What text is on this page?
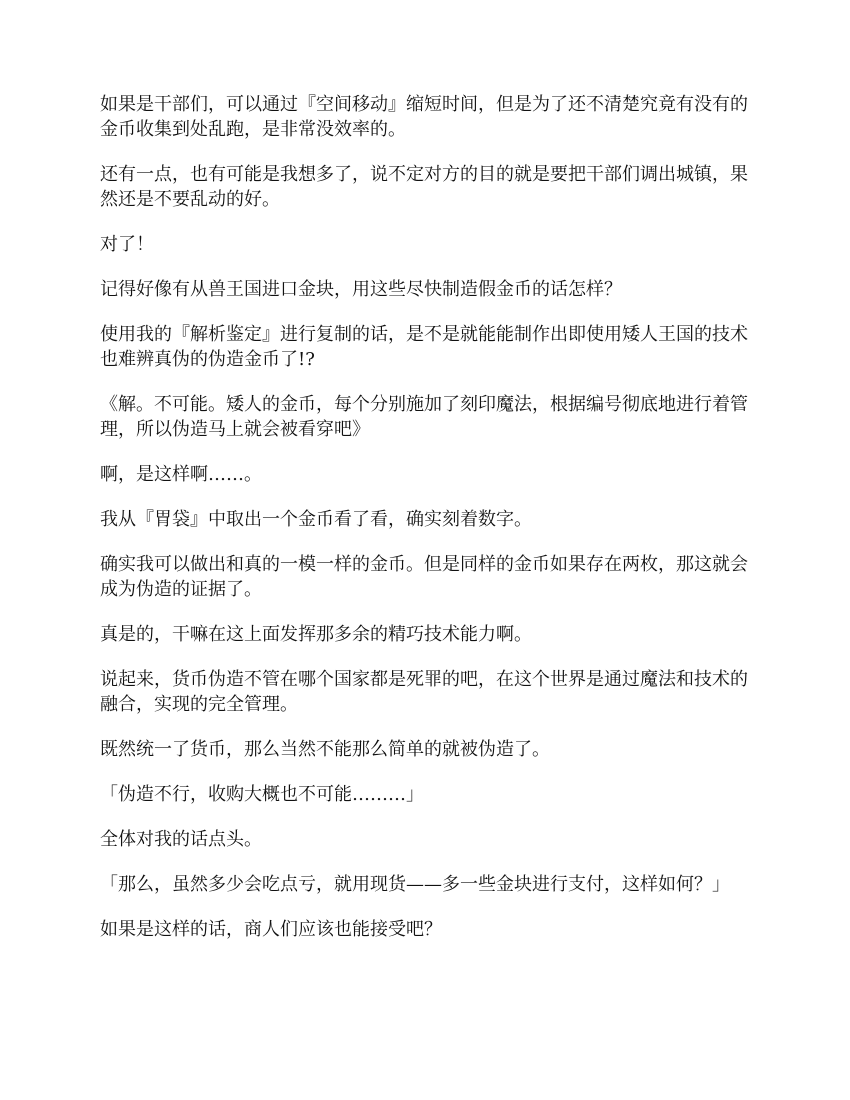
如果是干部们，可以通过『空间移动』缩短时间，但是为了还不清楚究竟有没有的金币收集到处乱跑，是非常没效率的。

还有一点，也有可能是我想多了，说不定对方的目的就是要把干部们调出城镇，果然还是不要乱动的好。

对了！

记得好像有从兽王国进口金块，用这些尽快制造假金币的话怎样？

使用我的『解析鉴定』进行复制的话，是不是就能能制作出即使用矮人王国的技术也难辨真伪的伪造金币了!?

《解。不可能。矮人的金币，每个分别施加了刻印魔法，根据编号彻底地进行着管理，所以伪造马上就会被看穿吧》

啊，是这样啊……。

我从『胃袋』中取出一个金币看了看，确实刻着数字。

确实我可以做出和真的一模一样的金币。但是同样的金币如果存在两枚，那这就会成为伪造的证据了。

真是的，干嘛在这上面发挥那多余的精巧技术能力啊。

说起来，货币伪造不管在哪个国家都是死罪的吧，在这个世界是通过魔法和技术的融合，实现的完全管理。

既然统一了货币，那么当然不能那么简单的就被伪造了。

「伪造不行，收购大概也不可能………」

全体对我的话点头。

「那么，虽然多少会吃点亏，就用现货——多一些金块进行支付，这样如何？」

如果是这样的话，商人们应该也能接受吧？
